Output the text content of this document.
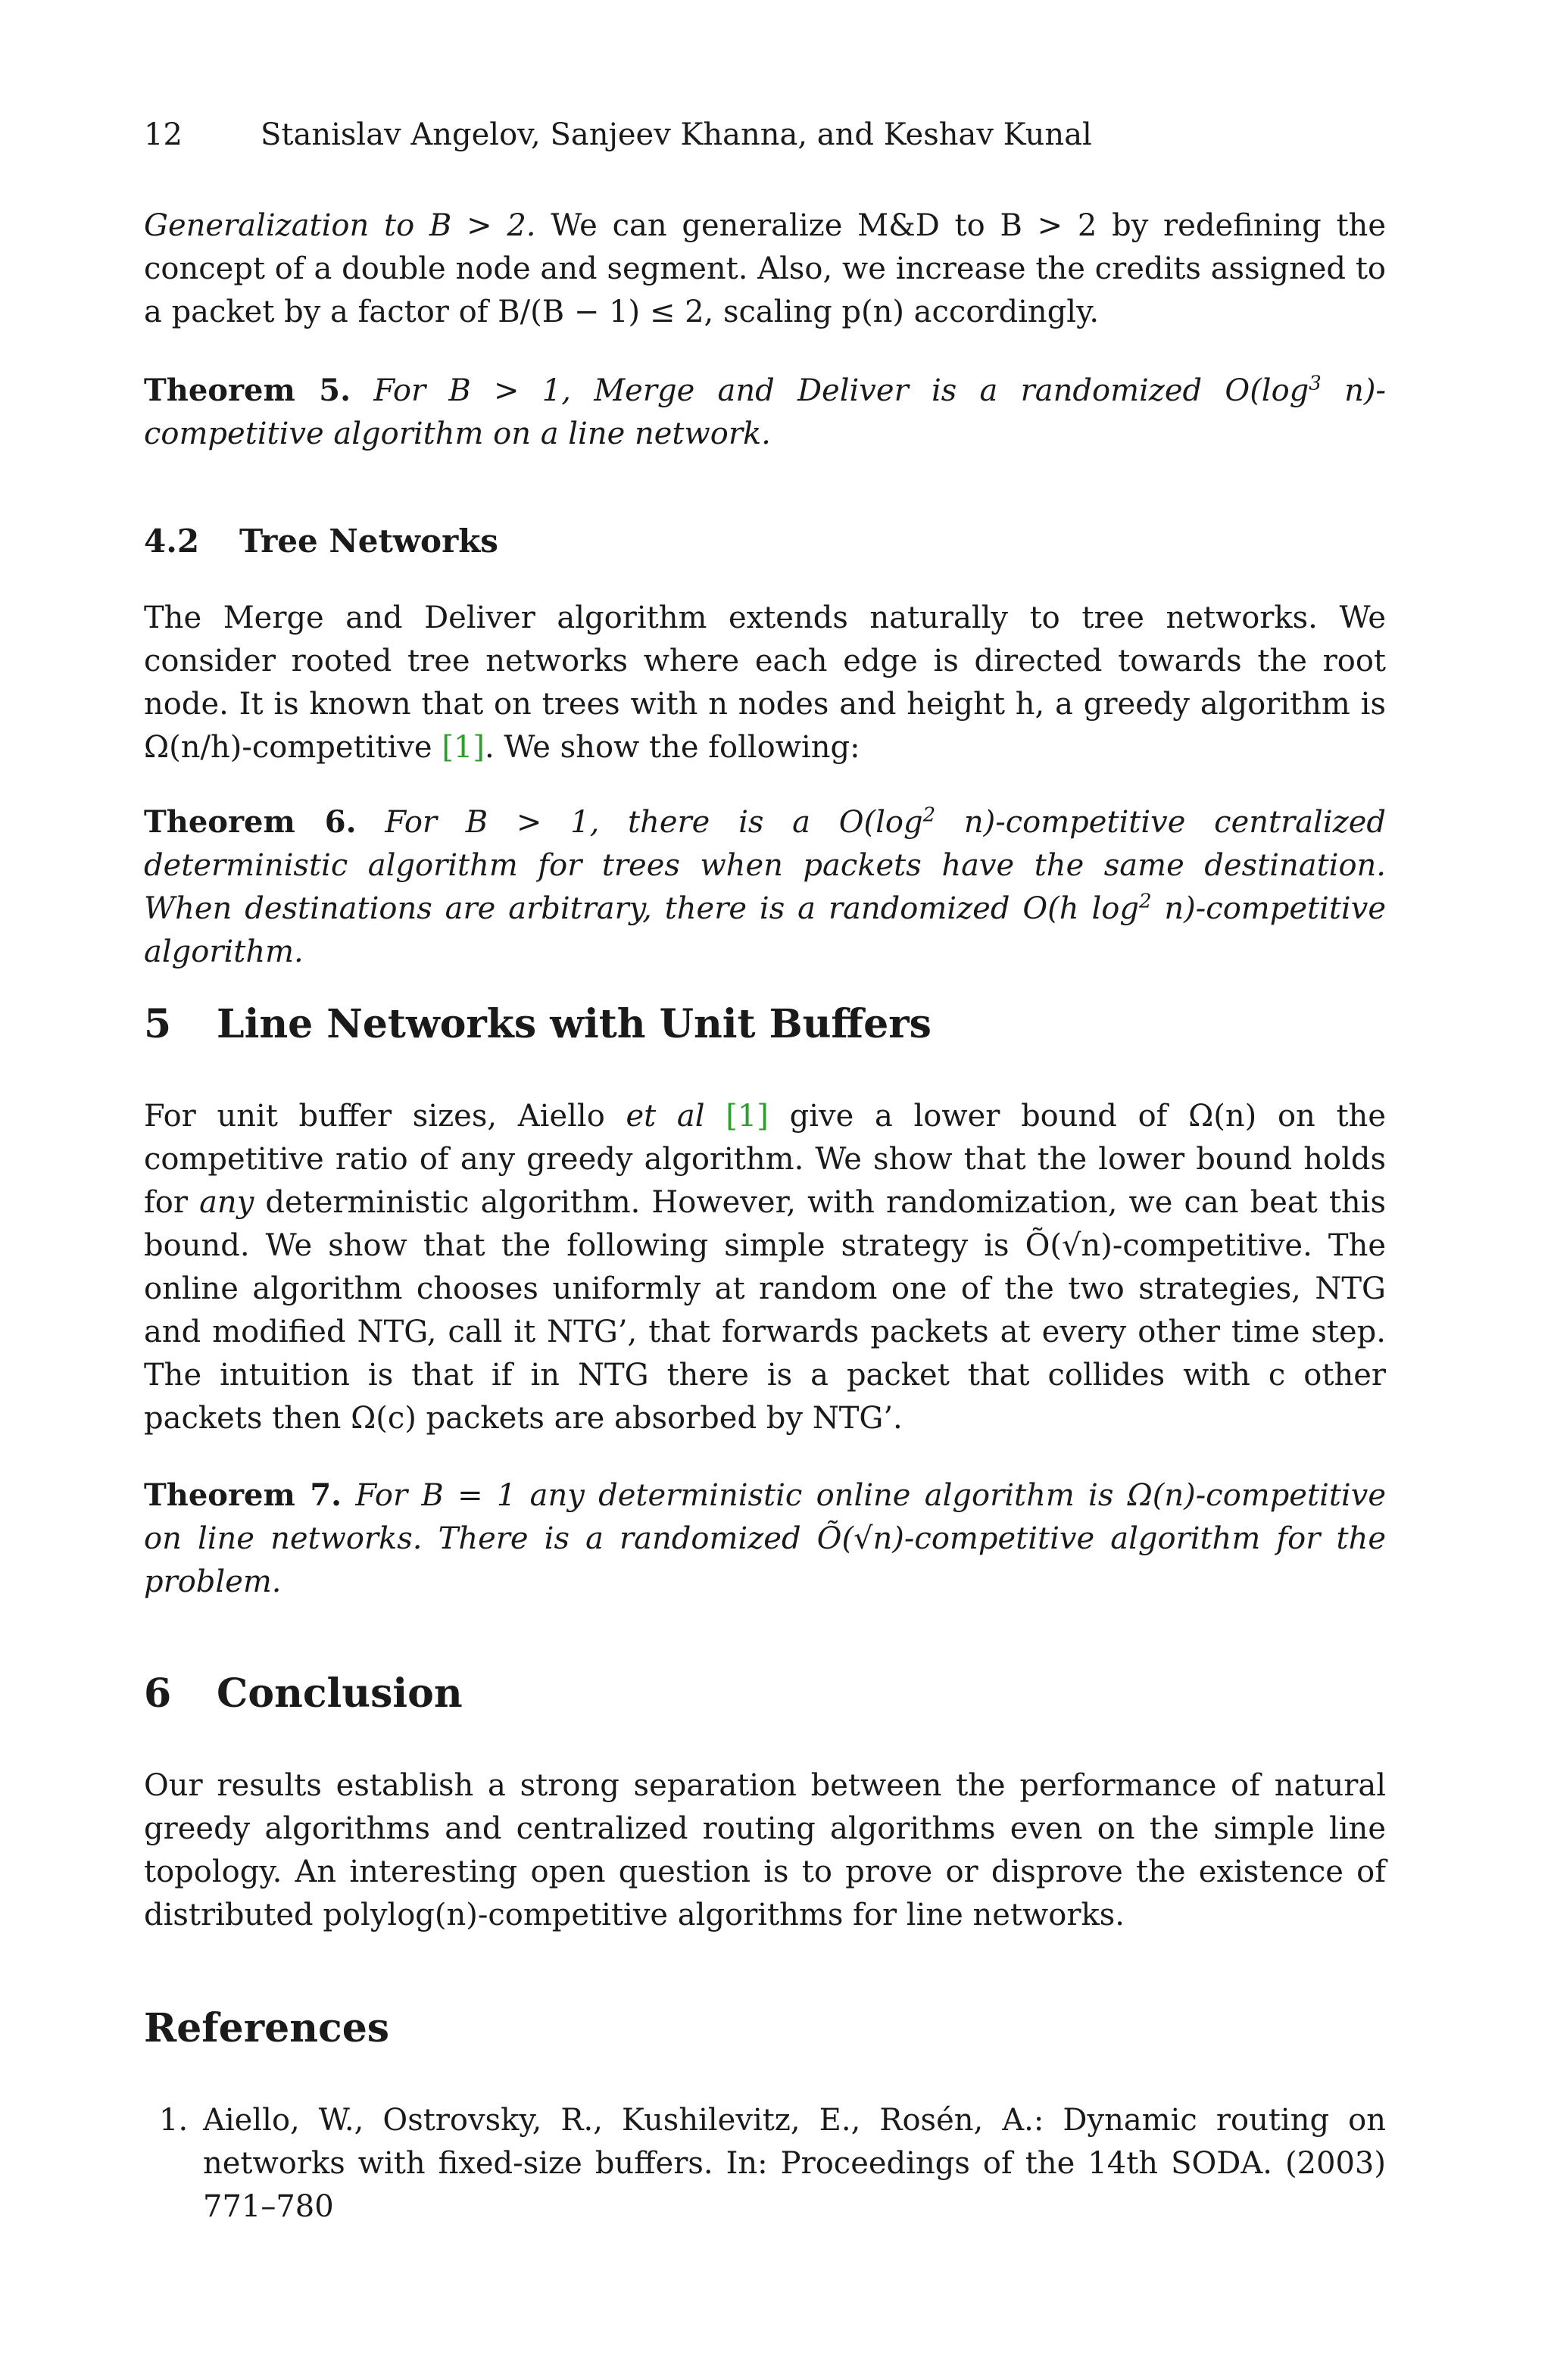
12	Stanislav Angelov, Sanjeev Khanna, and Keshav Kunal

Generalization to B > 2. We can generalize M&D to B > 2 by redefining the concept of a double node and segment. Also, we increase the credits assigned to a packet by a factor of B/(B − 1) ≤ 2, scaling p(n) accordingly.

Theorem 5. For B > 1, Merge and Deliver is a randomized $O(\log^3$ n)-competitive algorithm on a line network.

4.2 Tree Networks

The Merge and Deliver algorithm extends naturally to tree networks. We consider rooted tree networks where each edge is directed towards the root node. It is known that on trees with n nodes and height h, a greedy algorithm is Ω(n/h)-competitive [1]. We show the following:

Theorem 6. For B > 1, there is a $O(\log^2$ n)-competitive centralized deterministic algorithm for trees when packets have the same destination. When destinations are arbitrary, there is a randomized O(h $\log^2$ n)-competitive algorithm.

5 Line Networks with Unit Buffers

For unit buffer sizes, Aiello et al [1] give a lower bound of Ω(n) on the competitive ratio of any greedy algorithm. We show that the lower bound holds for any deterministic algorithm. However, with randomization, we can beat this bound. We show that the following simple strategy is Õ(√n)-competitive. The online algorithm chooses uniformly at random one of the two strategies, NTG and modified NTG, call it NTG’, that forwards packets at every other time step. The intuition is that if in NTG there is a packet that collides with c other packets then Ω(c) packets are absorbed by NTG’.

Theorem 7. For B = 1 any deterministic online algorithm is Ω(n)-competitive on line networks. There is a randomized Õ(√n)-competitive algorithm for the problem.

6 Conclusion

Our results establish a strong separation between the performance of natural greedy algorithms and centralized routing algorithms even on the simple line topology. An interesting open question is to prove or disprove the existence of distributed polylog(n)-competitive algorithms for line networks.

References
1. Aiello, W., Ostrovsky, R., Kushilevitz, E., Rosén, A.: Dynamic routing on networks with fixed-size buffers. In: Proceedings of the 14th SODA. (2003) 771–780
